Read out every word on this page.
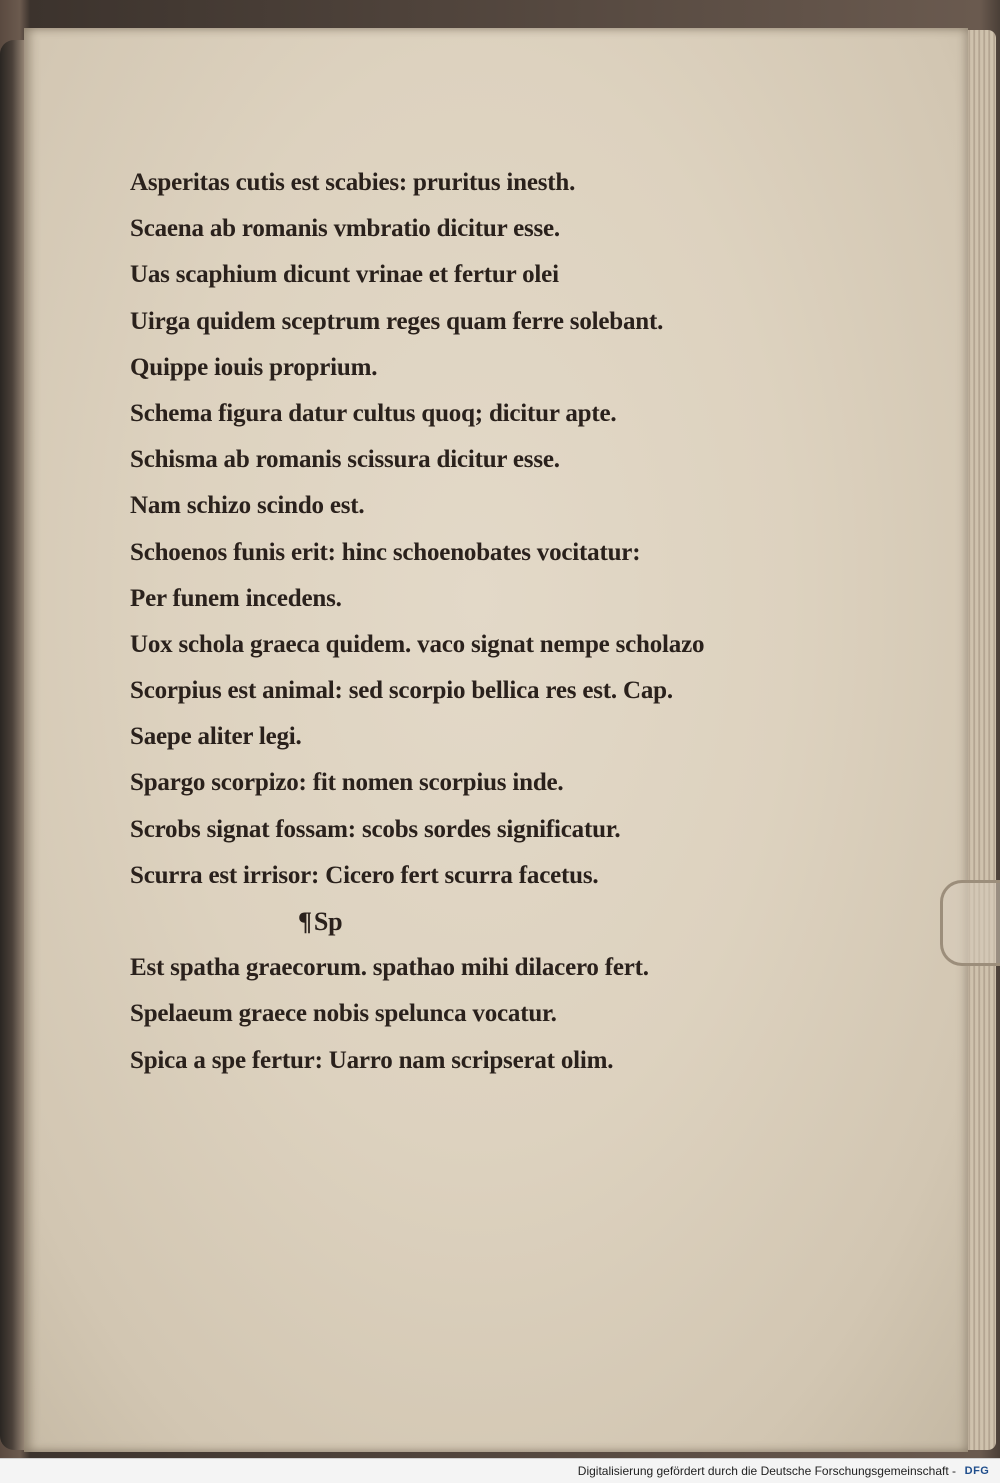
Asperitas cutis est scabies: pruritus inesth.
Scaena ab romanis vmbratio dicitur esse.
Uas scaphium dicunt vrinae et fertur olei
Uirga quidem sceptrum reges quam ferre solebant.
Quippe iouis proprium.
Schema figura datur cultus quoq; dicitur apte.
Schisma ab romanis scissura dicitur esse.
Nam schizo scindo est.
Schoenos funis erit: hinc schoenobates vocitatur:
Per funem incedens.
Uox schola graeca quidem. vaco signat nempe scholazo
Scorpius est animal: sed scorpio bellica res est. Cap.
Saepe aliter legi.
Spargo scorpizo: fit nomen scorpius inde.
Scrobs signat fossam: scobs sordes significatur.
Scurra est irrisor: Cicero fert scurra facetus.
¶Sp
Est spatha graecorum. spathao mihi dilacero fert.
Spelaeum graece nobis spelunca vocatur.
Spica a spe fertur: Uarro nam scripserat olim.
Digitalisierung gefördert durch die Deutsche Forschungsgemeinschaft - DFG
